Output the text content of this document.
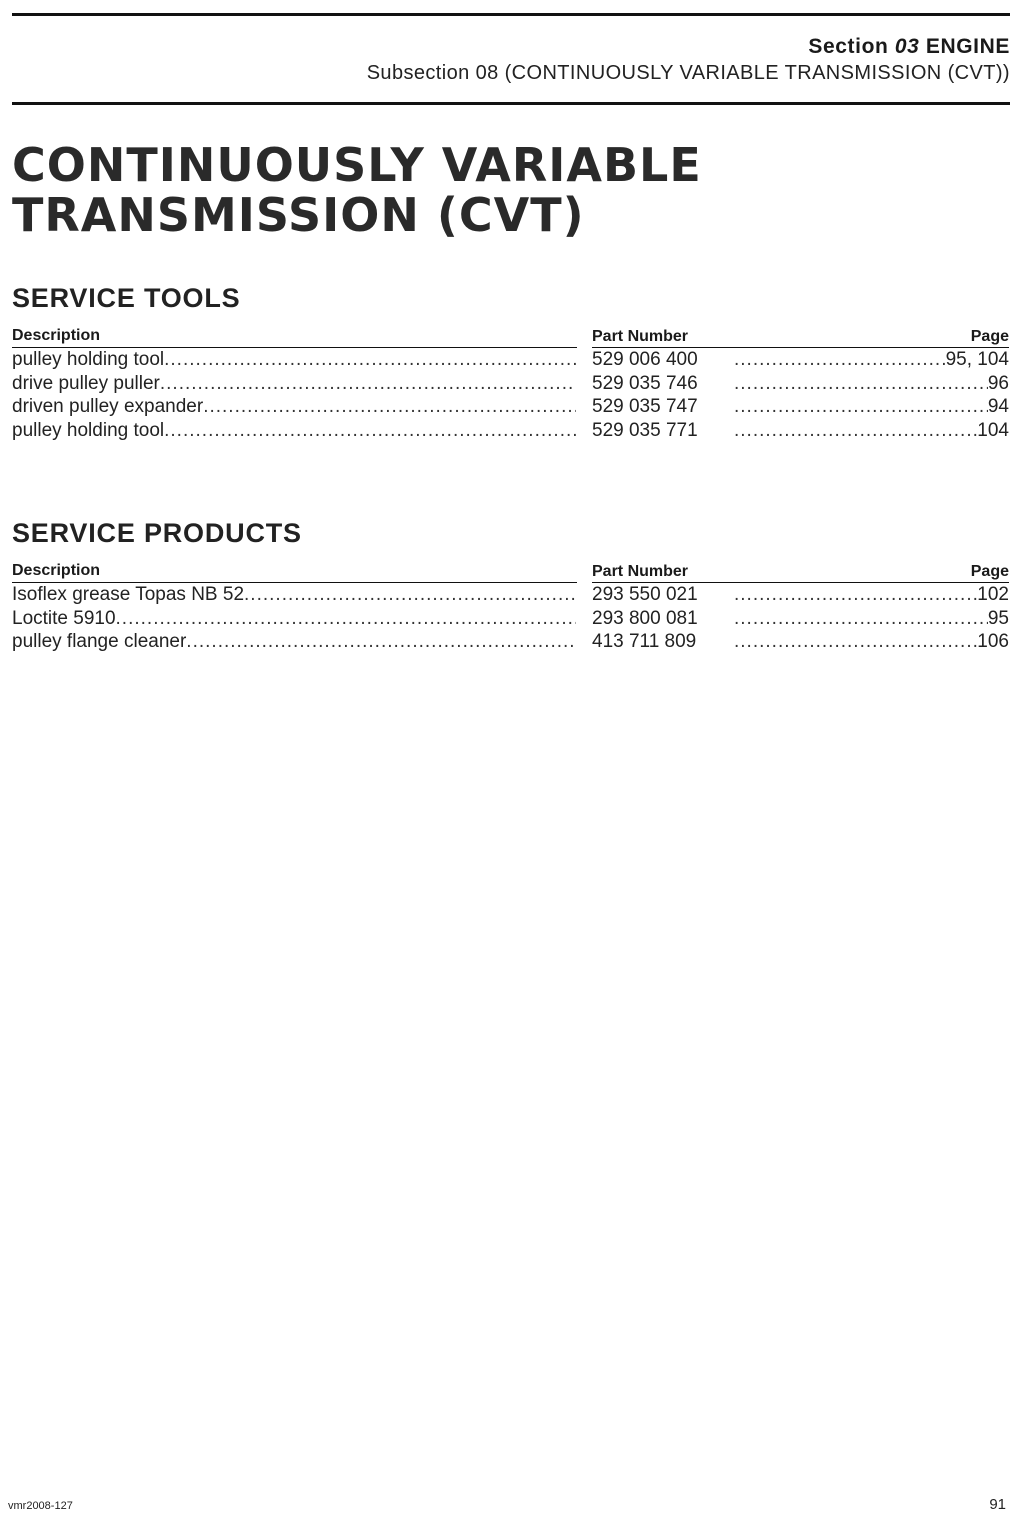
Section 03 ENGINE
Subsection 08 (CONTINUOUSLY VARIABLE TRANSMISSION (CVT))
CONTINUOUSLY VARIABLE
TRANSMISSION (CVT)
SERVICE TOOLS
Description	Part Number	Page
pulley holding tool .....	529 006 400 .....	95, 104
drive pulley puller .....	529 035 746 .....	96
driven pulley expander .....	529 035 747 .....	94
pulley holding tool .....	529 035 771 .....	104
SERVICE PRODUCTS
Description	Part Number	Page
Isoflex grease Topas NB 52 .....	293 550 021 .....	102
Loctite 5910 .....	293 800 081 .....	95
pulley flange cleaner .....	413 711 809 .....	106
vmr2008-127	91
